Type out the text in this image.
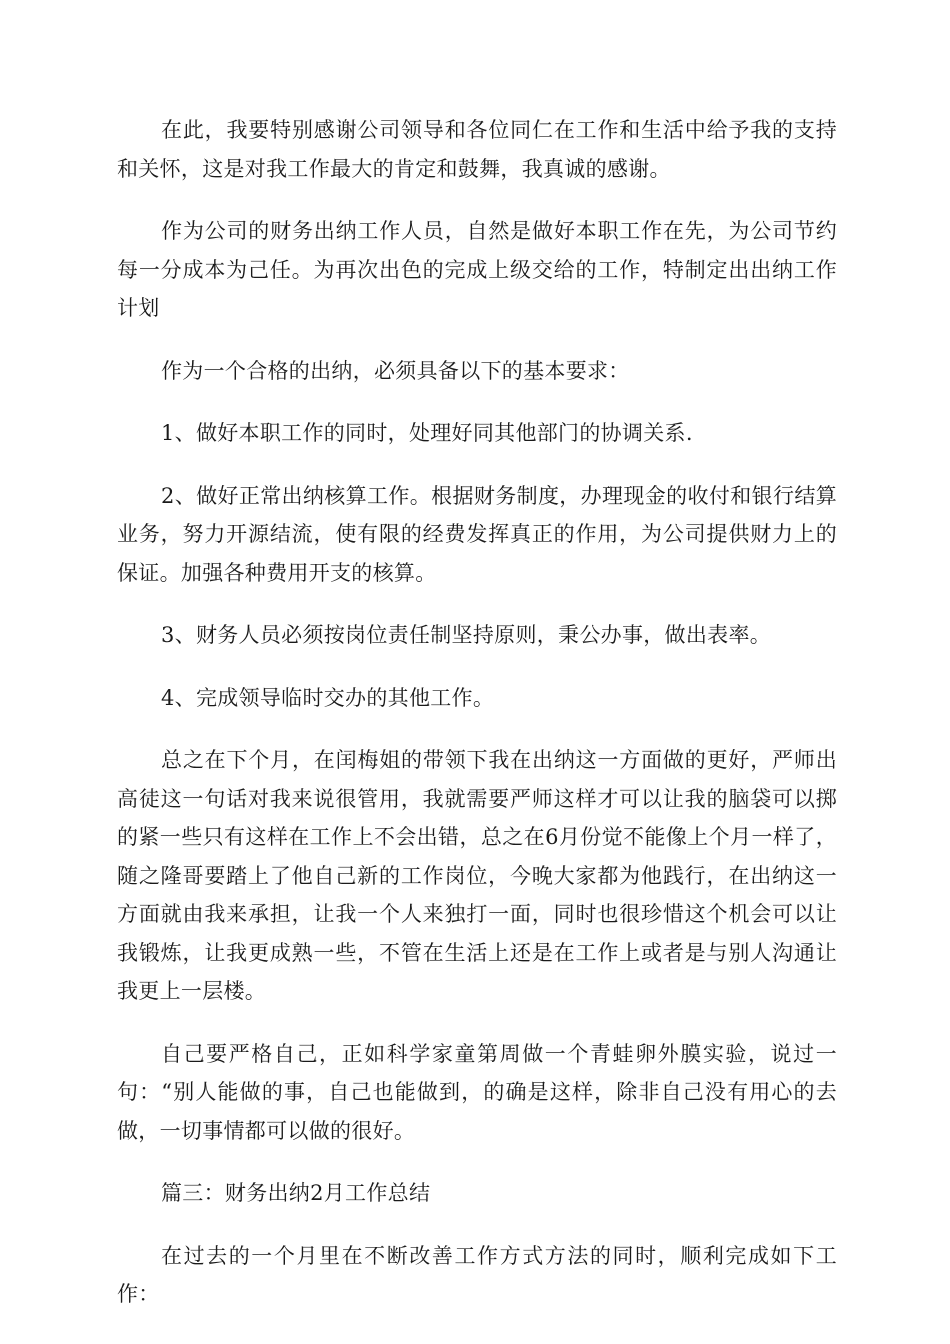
在此，我要特别感谢公司领导和各位同仁在工作和生活中给予我的支持和关怀，这是对我工作最大的肯定和鼓舞，我真诚的感谢。

作为公司的财务出纳工作人员，自然是做好本职工作在先，为公司节约每一分成本为己任。为再次出色的完成上级交给的工作，特制定出出纳工作计划

作为一个合格的出纳，必须具备以下的基本要求：

1、做好本职工作的同时，处理好同其他部门的协调关系.

2、做好正常出纳核算工作。根据财务制度，办理现金的收付和银行结算业务，努力开源结流，使有限的经费发挥真正的作用，为公司提供财力上的保证。加强各种费用开支的核算。

3、财务人员必须按岗位责任制坚持原则，秉公办事，做出表率。

4、完成领导临时交办的其他工作。

总之在下个月，在闰梅姐的带领下我在出纳这一方面做的更好，严师出高徒这一句话对我来说很管用，我就需要严师这样才可以让我的脑袋可以掷的紧一些只有这样在工作上不会出错，总之在6月份觉不能像上个月一样了，随之隆哥要踏上了他自己新的工作岗位，今晚大家都为他践行，在出纳这一方面就由我来承担，让我一个人来独打一面，同时也很珍惜这个机会可以让我锻炼，让我更成熟一些，不管在生活上还是在工作上或者是与别人沟通让我更上一层楼。

自己要严格自己，正如科学家童第周做一个青蛙卵外膜实验，说过一句：“别人能做的事，自己也能做到，的确是这样，除非自己没有用心的去做，一切事情都可以做的很好。

篇三：财务出纳2月工作总结

在过去的一个月里在不断改善工作方式方法的同时，顺利完成如下工作：
